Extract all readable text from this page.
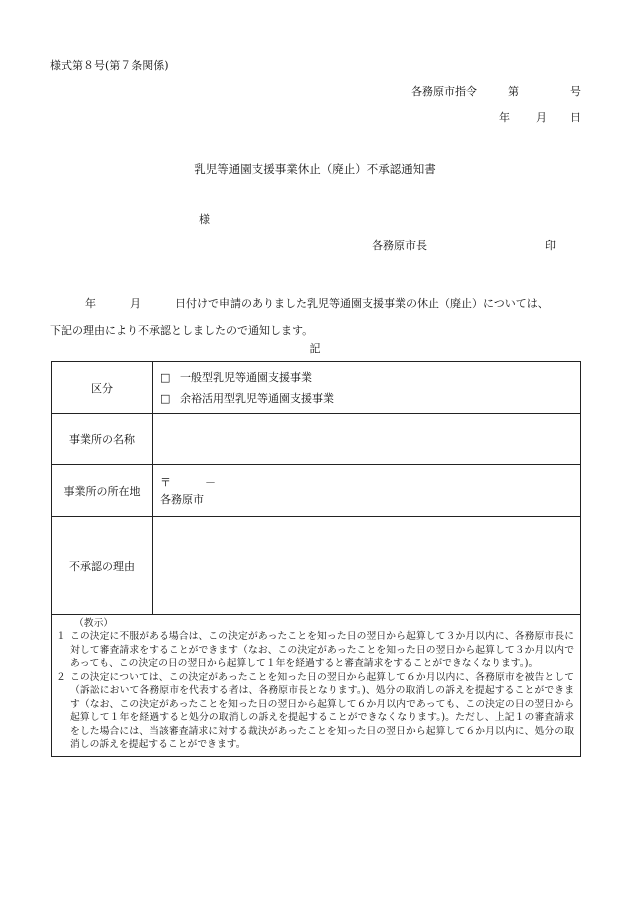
様式第８号(第７条関係)
各務原市指令	第	号
年 月 日
乳児等通園支援事業休止（廃止）不承認通知書
様
各務原市長	印
年	月	日付けで申請のありました乳児等通園支援事業の休止（廃止）については、
下記の理由により不承認としましたので通知します。
記
区分	□ 一般型乳児等通園支援事業
□ 余裕活用型乳児等通園支援事業

事業所の名称	
事業所の所在地	〒 －
各務原市

不承認の理由	

（教示）
１ この決定に不服がある場合は、この決定があったことを知った日の翌日から起算して３か月以内に、各務原市長に対して審査請求をすることができます（なお、この決定があったことを知った日の翌日から起算して３か月以内であっても、この決定の日の翌日から起算して１年を経過すると審査請求をすることができなくなります。)。
２ この決定については、この決定があったことを知った日の翌日から起算して６か月以内に、各務原市を被告として（訴訟において各務原市を代表する者は、各務原市長となります。)、処分の取消しの訴えを提起することができます（なお、この決定があったことを知った日の翌日から起算して６か月以内であっても、この決定の日の翌日から起算して１年を経過すると処分の取消しの訴えを提起することができなくなります。)。ただし、上記１の審査請求をした場合には、当該審査請求に対する裁決があったことを知った日の翌日から起算して６か月以内に、処分の取消しの訴えを提起することができます。	
